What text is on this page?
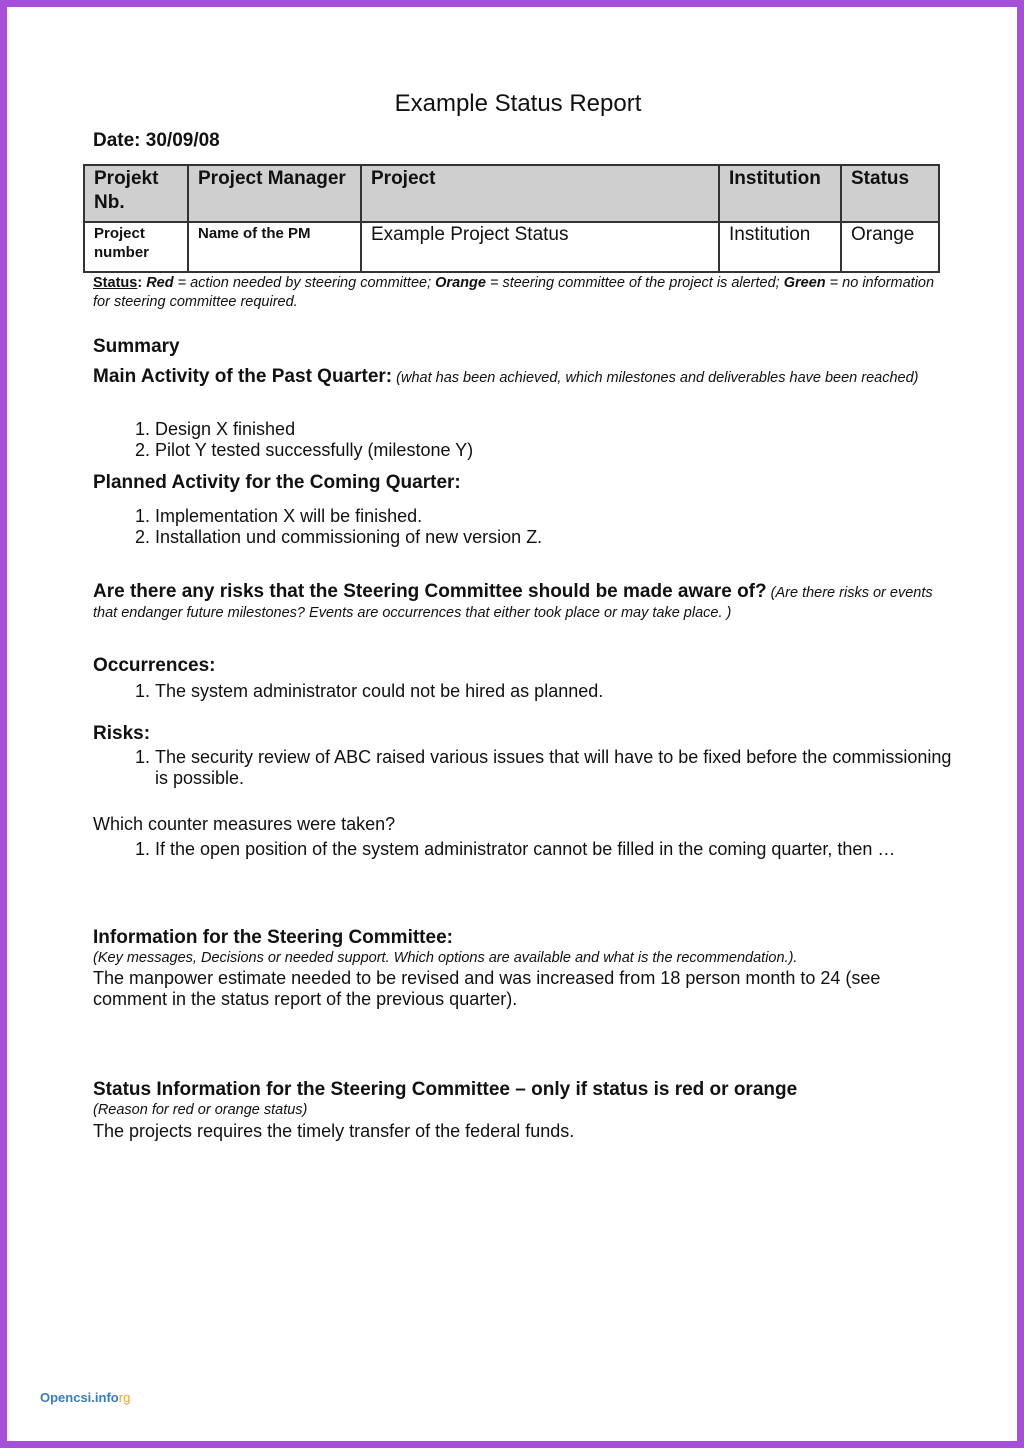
Example Status Report
Date: 30/09/08
Projekt Nb.	Project Manager	Project	Institution	Status
Project number	Name of the PM	Example Project Status	Institution	Orange
Status: Red = action needed by steering committee; Orange = steering committee of the project is alerted; Green = no information for steering committee required.
Summary
Main Activity of the Past Quarter: (what has been achieved, which milestones and deliverables have been reached)
1. Design X finished
2. Pilot Y tested successfully (milestone Y)
Planned Activity for the Coming Quarter:
1. Implementation X will be finished.
2. Installation und commissioning of new version Z.
Are there any risks that the Steering Committee should be made aware of? (Are there risks or events that endanger future milestones? Events are occurrences that either took place or may take place. )
Occurrences:
1. The system administrator could not be hired as planned.
Risks:
1. The security review of ABC raised various issues that will have to be fixed before the commissioning is possible.
Which counter measures were taken?
1. If the open position of the system administrator cannot be filled in the coming quarter, then …
Information for the Steering Committee:
(Key messages, Decisions or needed support. Which options are available and what is the recommendation.).
The manpower estimate needed to be revised and was increased from 18 person month to 24 (see comment in the status report of the previous quarter).
Status Information for the Steering Committee – only if status is red or orange
(Reason for red or orange status)
The projects requires the timely transfer of the federal funds.
Opencsi.inforg
